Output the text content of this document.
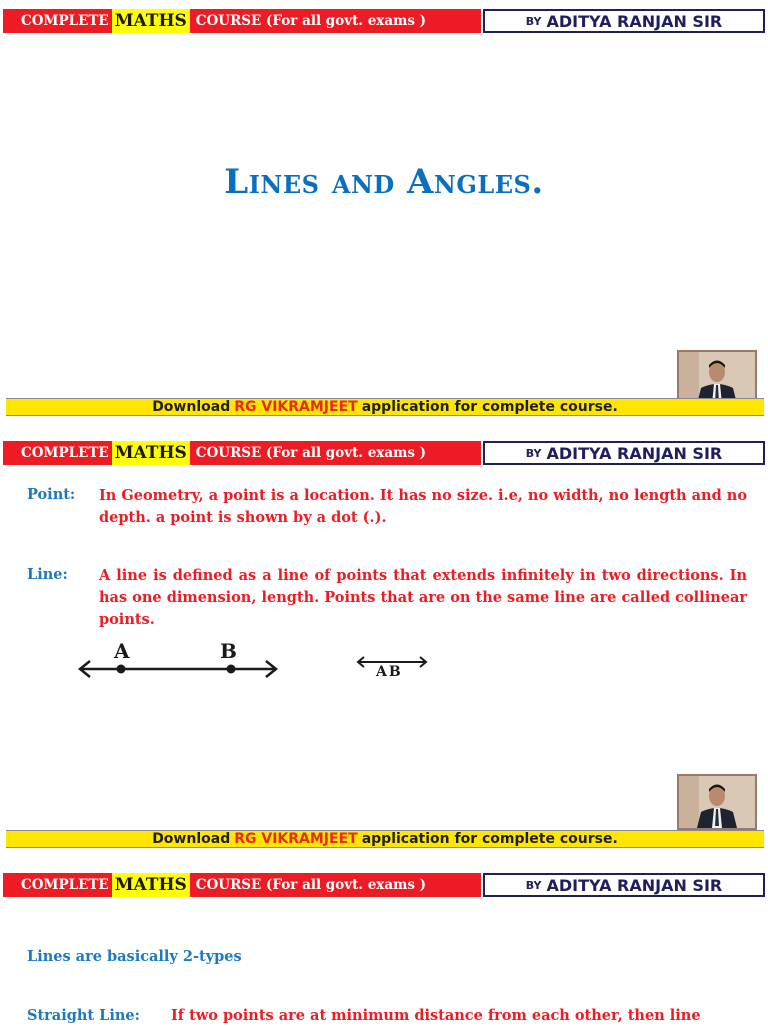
COMPLETE MATHS COURSE (For all govt. exams )	BY ADITYA RANJAN SIR
Lines and Angles.
Download RG VIKRAMJEET application for complete course.
COMPLETE MATHS COURSE (For all govt. exams )	BY ADITYA RANJAN SIR
Point: In Geometry, a point is a location. It has no size. i.e, no width, no length and no depth. a point is shown by a dot (.).
Line: A line is defined as a line of points that extends infinitely in two directions. In has one dimension, length. Points that are on the same line are called collinear points.
A	B
AB
Download RG VIKRAMJEET application for complete course.
COMPLETE MATHS COURSE (For all govt. exams )	BY ADITYA RANJAN SIR
Lines are basically 2-types
Straight Line: If two points are at minimum distance from each other, then line
